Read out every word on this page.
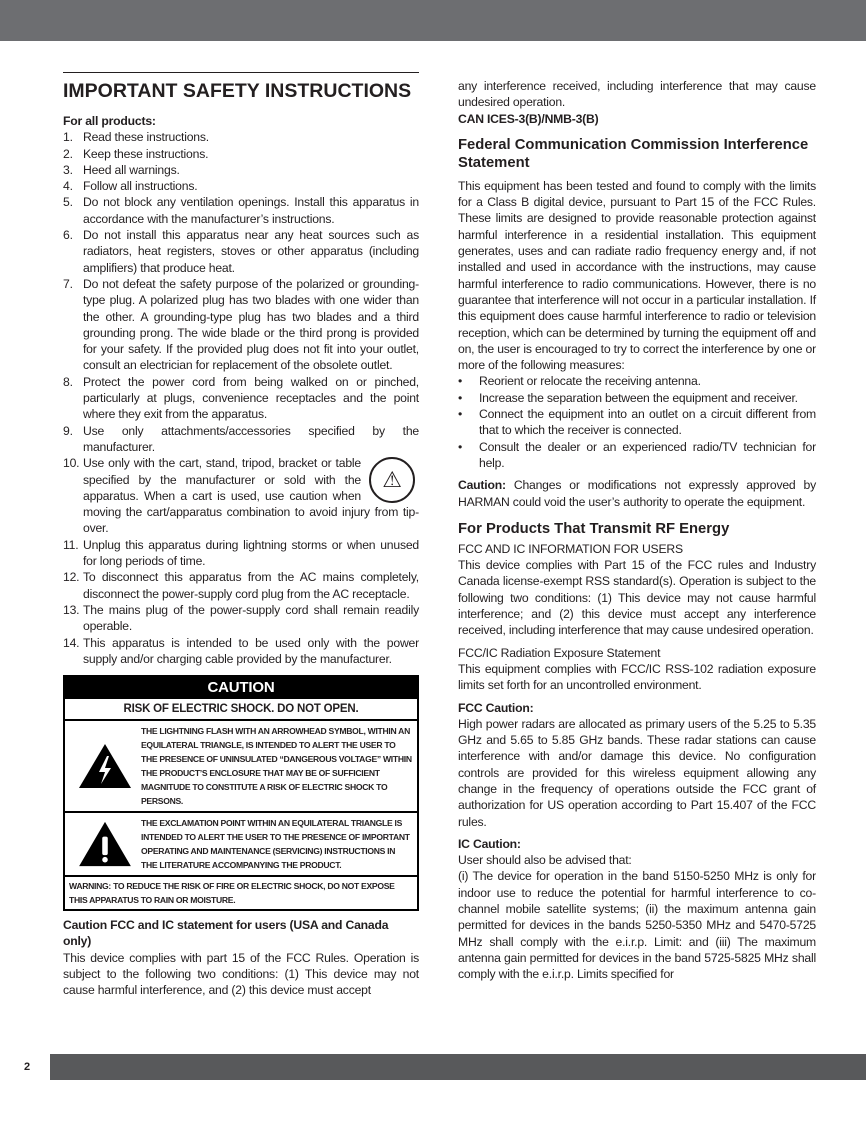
IMPORTANT SAFETY INSTRUCTIONS
For all products:
1. Read these instructions.
2. Keep these instructions.
3. Heed all warnings.
4. Follow all instructions.
5. Do not block any ventilation openings. Install this apparatus in accordance with the manufacturer’s instructions.
6. Do not install this apparatus near any heat sources such as radiators, heat registers, stoves or other apparatus (including amplifiers) that produce heat.
7. Do not defeat the safety purpose of the polarized or grounding-type plug. A polarized plug has two blades with one wider than the other. A grounding-type plug has two blades and a third grounding prong. The wide blade or the third prong is provided for your safety. If the provided plug does not fit into your outlet, consult an electrician for replacement of the obsolete outlet.
8. Protect the power cord from being walked on or pinched, particularly at plugs, convenience receptacles and the point where they exit from the apparatus.
9. Use only attachments/accessories specified by the manufacturer.
10.
⚠
Use only with the cart, stand, tripod, bracket or table specified by the manufacturer or sold with the apparatus. When a cart is used, use caution when moving the cart/apparatus combination to avoid injury from tip-over.
11. Unplug this apparatus during lightning storms or when unused for long periods of time.
12. To disconnect this apparatus from the AC mains completely, disconnect the power-supply cord plug from the AC receptacle.
13. The mains plug of the power-supply cord shall remain readily operable.
14. This apparatus is intended to be used only with the power supply and/or charging cable provided by the manufacturer.
CAUTION
RISK OF ELECTRIC SHOCK. DO NOT OPEN.
THE LIGHTNING FLASH WITH AN ARROWHEAD SYMBOL, WITHIN AN EQUILATERAL TRIANGLE, IS INTENDED TO ALERT THE USER TO THE PRESENCE OF UNINSULATED “DANGEROUS VOLTAGE” WITHIN THE PRODUCT’S ENCLOSURE THAT MAY BE OF SUFFICIENT MAGNITUDE TO CONSTITUTE A RISK OF ELECTRIC SHOCK TO PERSONS.
THE EXCLAMATION POINT WITHIN AN EQUILATERAL TRIANGLE IS INTENDED TO ALERT THE USER TO THE PRESENCE OF IMPORTANT OPERATING AND MAINTENANCE (SERVICING) INSTRUCTIONS IN THE LITERATURE ACCOMPANYING THE PRODUCT.
WARNING: TO REDUCE THE RISK OF FIRE OR ELECTRIC SHOCK, DO NOT EXPOSE THIS APPARATUS TO RAIN OR MOISTURE.
Caution FCC and IC statement for users (USA and Canada only)

This device complies with part 15 of the FCC Rules. Operation is subject to the following two conditions: (1) This device may not cause harmful interference, and (2) this device must accept

any interference received, including interference that may cause undesired operation.

CAN ICES-3(B)/NMB-3(B)
Federal Communication Commission Interference Statement

This equipment has been tested and found to comply with the limits for a Class B digital device, pursuant to Part 15 of the FCC Rules. These limits are designed to provide reasonable protection against harmful interference in a residential installation. This equipment generates, uses and can radiate radio frequency energy and, if not installed and used in accordance with the instructions, may cause harmful interference to radio communications. However, there is no guarantee that interference will not occur in a particular installation. If this equipment does cause harmful interference to radio or television reception, which can be determined by turning the equipment off and on, the user is encouraged to try to correct the interference by one or more of the following measures:

•	Reorient or relocate the receiving antenna.
•	Increase the separation between the equipment and receiver.
•	Connect the equipment into an outlet on a circuit different from that to which the receiver is connected.
•	Consult the dealer or an experienced radio/TV technician for help.

Caution: Changes or modifications not expressly approved by HARMAN could void the user’s authority to operate the equipment.

For Products That Transmit RF Energy
FCC AND IC INFORMATION FOR USERS

This device complies with Part 15 of the FCC rules and Industry Canada license-exempt RSS standard(s). Operation is subject to the following two conditions: (1) This device may not cause harmful interference; and (2) this device must accept any interference received, including interference that may cause undesired operation.

FCC/IC Radiation Exposure Statement

This equipment complies with FCC/IC RSS-102 radiation exposure limits set forth for an uncontrolled environment.

FCC Caution:

High power radars are allocated as primary users of the 5.25 to 5.35 GHz and 5.65 to 5.85 GHz bands. These radar stations can cause interference with and/or damage this device. No configuration controls are provided for this wireless equipment allowing any change in the frequency of operations outside the FCC grant of authorization for US operation according to Part 15.407 of the FCC rules.

IC Caution:

User should also be advised that:

(i) The device for operation in the band 5150-5250 MHz is only for indoor use to reduce the potential for harmful interference to co-channel mobile satellite systems; (ii) the maximum antenna gain permitted for devices in the bands 5250-5350 MHz and 5470-5725 MHz shall comply with the e.i.r.p. Limit: and (iii) The maximum antenna gain permitted for devices in the band 5725-5825 MHz shall comply with the e.i.r.p. Limits specified for

2
